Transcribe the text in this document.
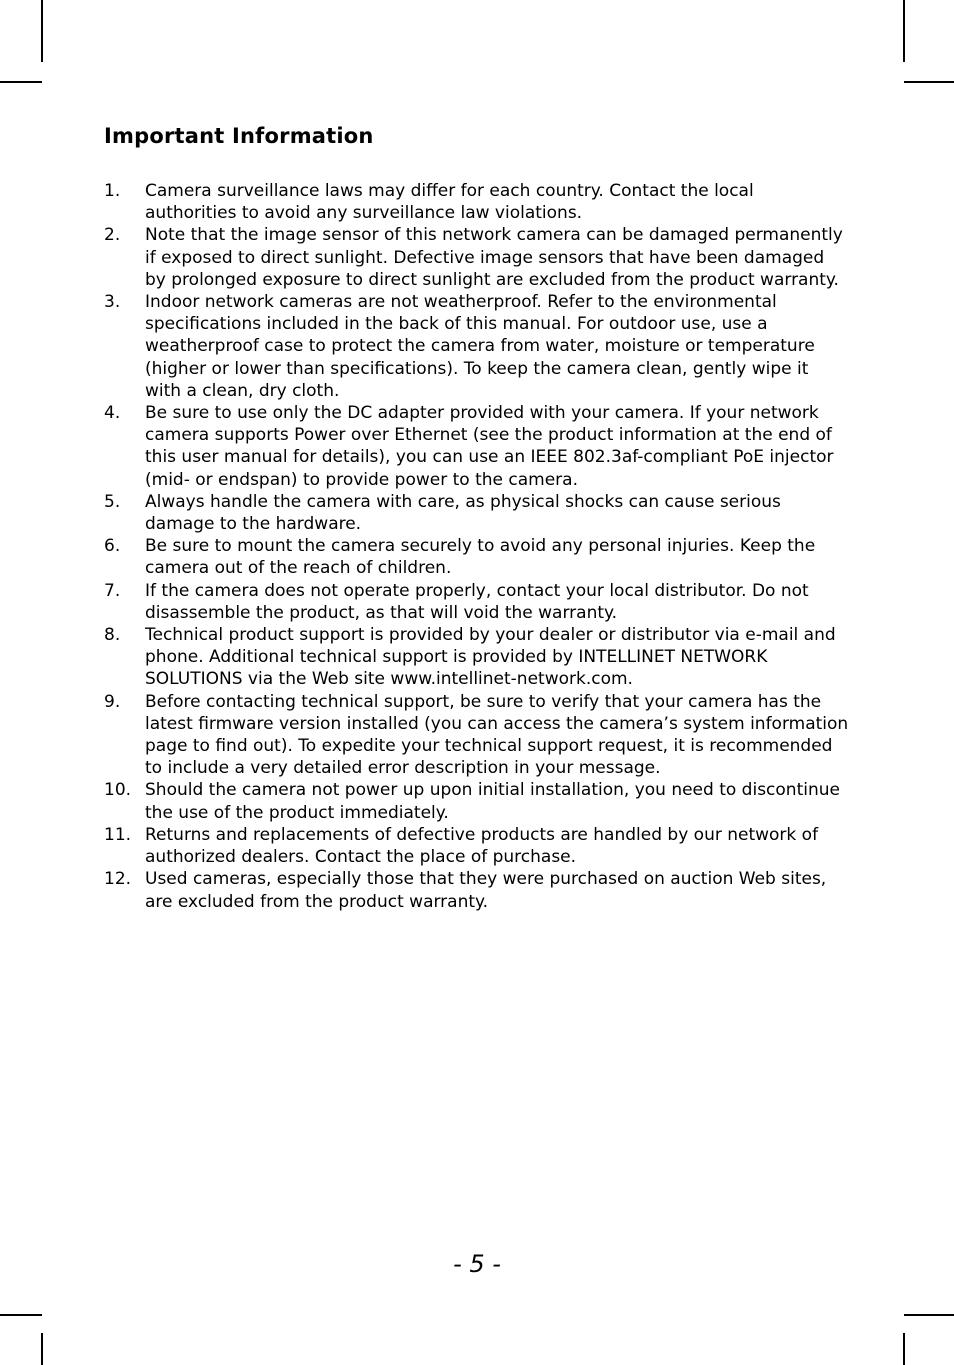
Important Information
1. Camera surveillance laws may differ for each country. Contact the local authorities to avoid any surveillance law violations.
2. Note that the image sensor of this network camera can be damaged permanently if exposed to direct sunlight. Defective image sensors that have been damaged by prolonged exposure to direct sunlight are excluded from the product warranty.
3. Indoor network cameras are not weatherproof. Refer to the environmental specifications included in the back of this manual. For outdoor use, use a weatherproof case to protect the camera from water, moisture or temperature (higher or lower than specifications). To keep the camera clean, gently wipe it with a clean, dry cloth.
4. Be sure to use only the DC adapter provided with your camera. If your network camera supports Power over Ethernet (see the product information at the end of this user manual for details), you can use an IEEE 802.3af-compliant PoE injector (mid- or endspan) to provide power to the camera.
5. Always handle the camera with care, as physical shocks can cause serious damage to the hardware.
6. Be sure to mount the camera securely to avoid any personal injuries. Keep the camera out of the reach of children.
7. If the camera does not operate properly, contact your local distributor. Do not disassemble the product, as that will void the warranty.
8. Technical product support is provided by your dealer or distributor via e-mail and phone. Additional technical support is provided by INTELLINET NETWORK SOLUTIONS via the Web site www.intellinet-network.com.
9. Before contacting technical support, be sure to verify that your camera has the latest firmware version installed (you can access the camera’s system information page to find out). To expedite your technical support request, it is recommended to include a very detailed error description in your message.
10. Should the camera not power up upon initial installation, you need to discontinue the use of the product immediately.
11. Returns and replacements of defective products are handled by our network of authorized dealers. Contact the place of purchase.
12. Used cameras, especially those that they were purchased on auction Web sites, are excluded from the product warranty.
- 5 -
